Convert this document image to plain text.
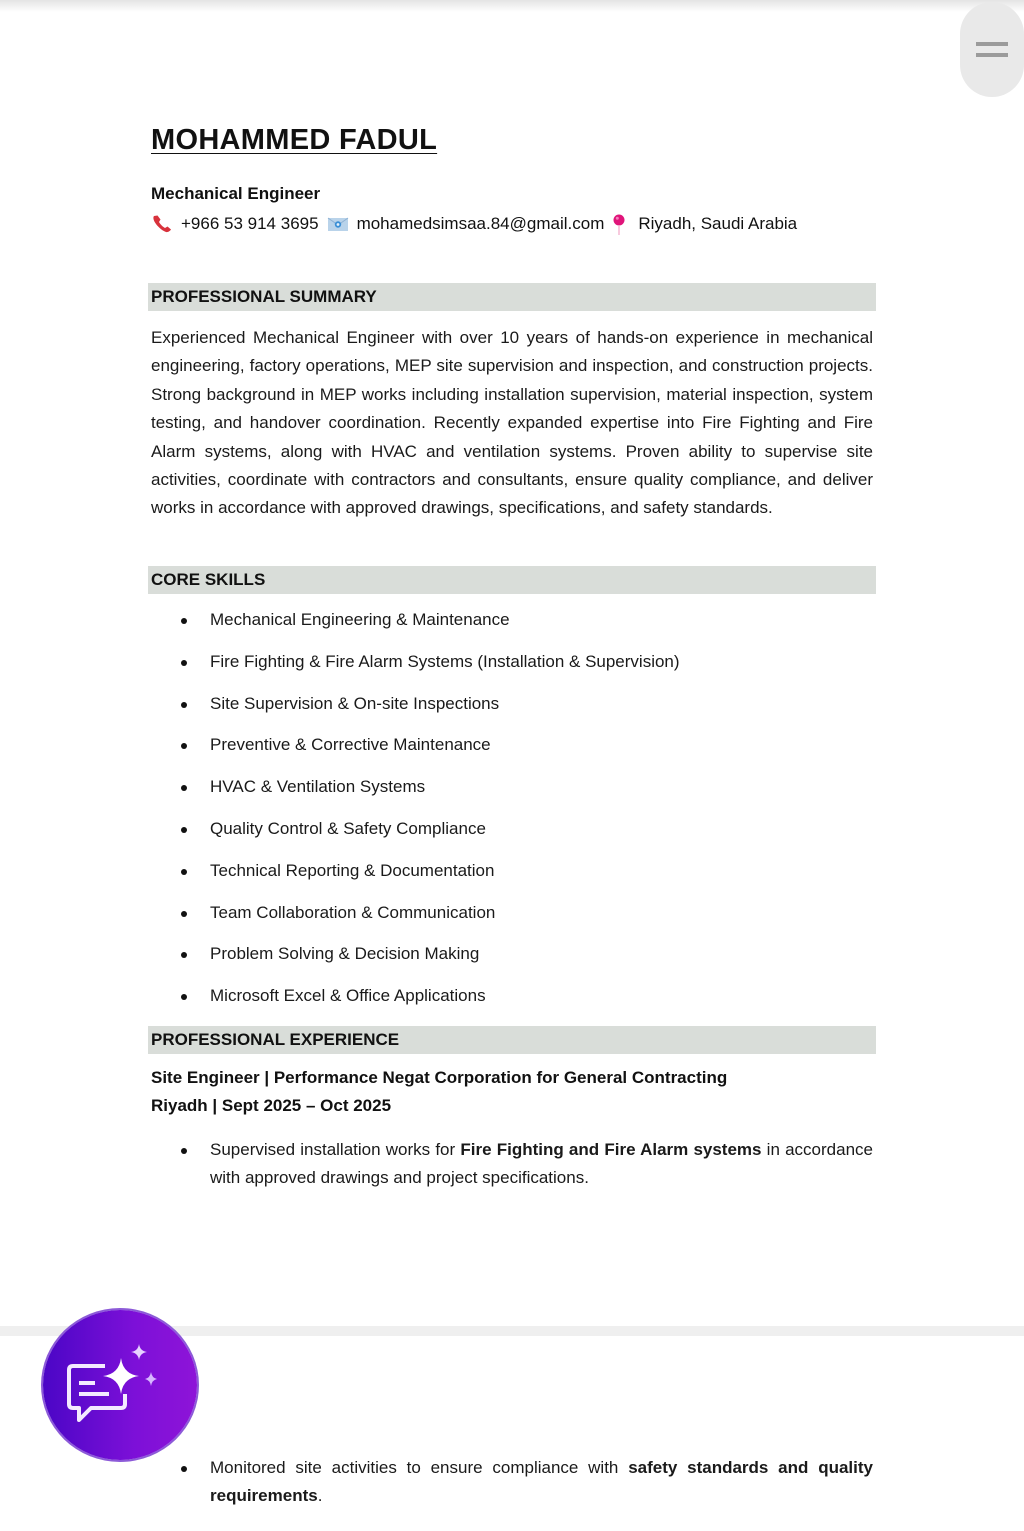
MOHAMMED FADUL
Mechanical Engineer
+966 53 914 3695 mohamedsimsaa.84@gmail.com Riyadh, Saudi Arabia
PROFESSIONAL SUMMARY
Experienced Mechanical Engineer with over 10 years of hands-on experience in mechanical engineering, factory operations, MEP site supervision and inspection, and construction projects. Strong background in MEP works including installation supervision, material inspection, system testing, and handover coordination. Recently expanded expertise into Fire Fighting and Fire Alarm systems, along with HVAC and ventilation systems. Proven ability to supervise site activities, coordinate with contractors and consultants, ensure quality compliance, and deliver works in accordance with approved drawings, specifications, and safety standards.
CORE SKILLS
Mechanical Engineering & Maintenance
Fire Fighting & Fire Alarm Systems (Installation & Supervision)
Site Supervision & On-site Inspections
Preventive & Corrective Maintenance
HVAC & Ventilation Systems
Quality Control & Safety Compliance
Technical Reporting & Documentation
Team Collaboration & Communication
Problem Solving & Decision Making
Microsoft Excel & Office Applications
PROFESSIONAL EXPERIENCE
Site Engineer | Performance Negat Corporation for General Contracting
Riyadh | Sept 2025 – Oct 2025
Supervised installation works for Fire Fighting and Fire Alarm systems in accordance with approved drawings and project specifications.
Monitored site activities to ensure compliance with safety standards and quality requirements.
